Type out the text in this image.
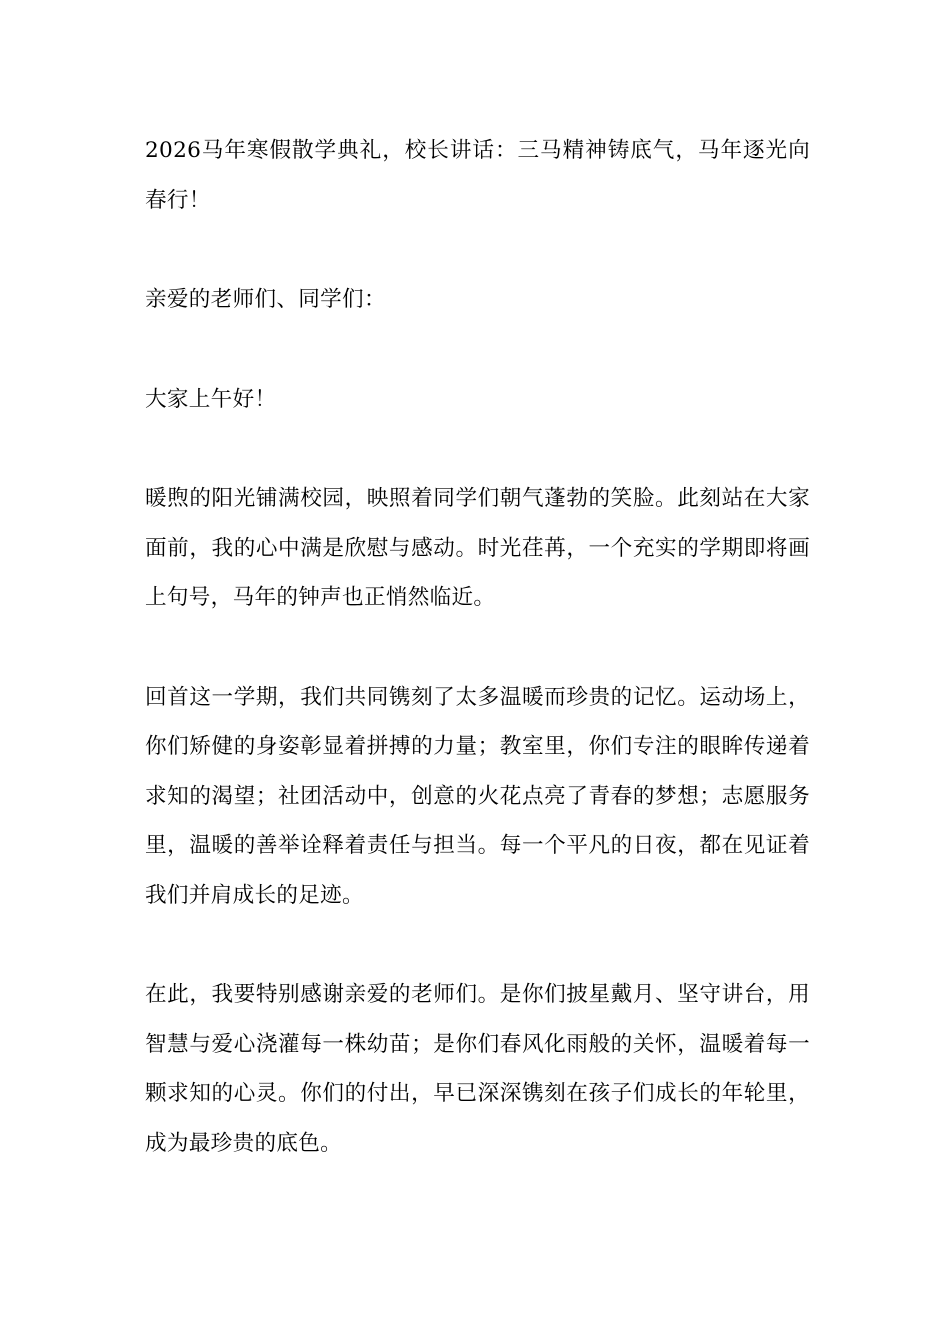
2026马年寒假散学典礼，校长讲话：三马精神铸底气，马年逐光向春行！

亲爱的老师们、同学们：

大家上午好！

暖煦的阳光铺满校园，映照着同学们朝气蓬勃的笑脸。此刻站在大家面前，我的心中满是欣慰与感动。时光荏苒，一个充实的学期即将画上句号，马年的钟声也正悄然临近。

回首这一学期，我们共同镌刻了太多温暖而珍贵的记忆。运动场上，你们矫健的身姿彰显着拼搏的力量；教室里，你们专注的眼眸传递着求知的渴望；社团活动中，创意的火花点亮了青春的梦想；志愿服务里，温暖的善举诠释着责任与担当。每一个平凡的日夜，都在见证着我们并肩成长的足迹。

在此，我要特别感谢亲爱的老师们。是你们披星戴月、坚守讲台，用智慧与爱心浇灌每一株幼苗；是你们春风化雨般的关怀，温暖着每一颗求知的心灵。你们的付出，早已深深镌刻在孩子们成长的年轮里，成为最珍贵的底色。
